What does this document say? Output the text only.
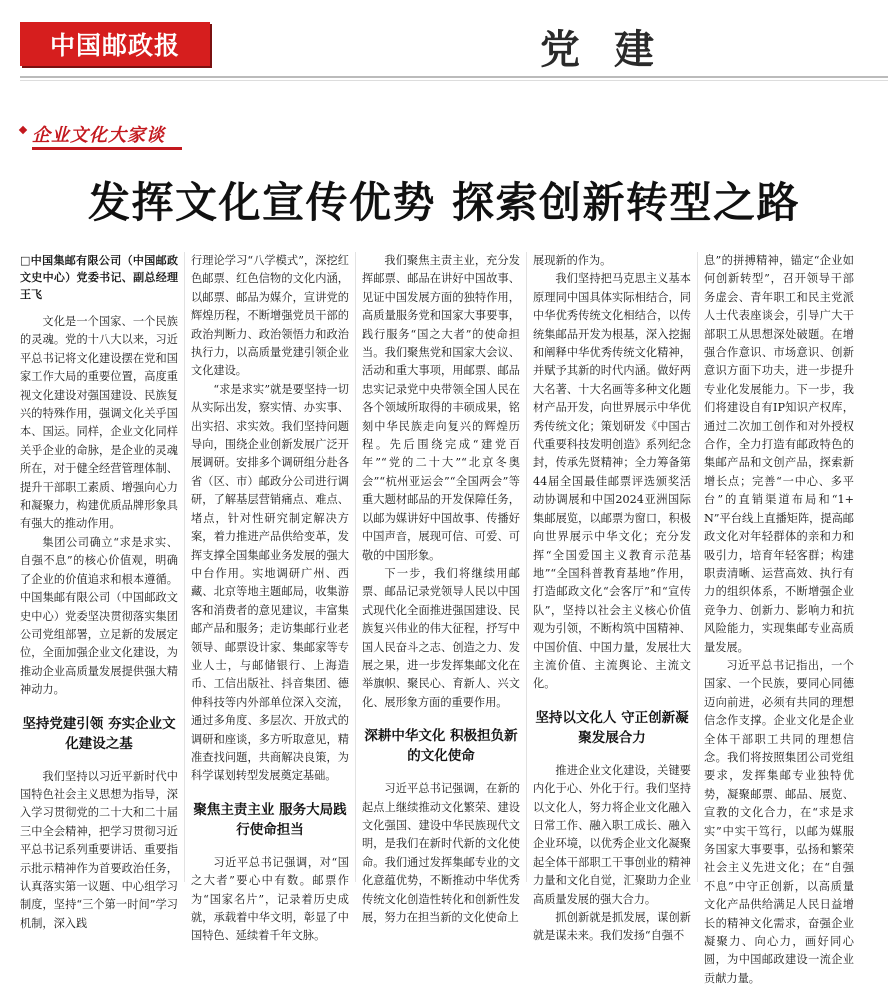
中国邮政报	党建
企业文化大家谈
发挥文化宣传优势 探索创新转型之路
□中国集邮有限公司（中国邮政文史中心）党委书记、副总经理 王飞
文化是一个国家、一个民族的灵魂。党的十八大以来，习近平总书记将文化建设摆在党和国家工作大局的重要位置，高度重视文化建设对强国建设、民族复兴的特殊作用，强调文化关乎国本、国运。同样，企业文化同样关乎企业的命脉，是企业的灵魂所在，对于健全经营管理体制、提升干部职工素质、增强向心力和凝聚力，构建优质品牌形象具有强大的推动作用。
集团公司确立“求是求实、自强不息”的核心价值观，明确了企业的价值追求和根本遵循。中国集邮有限公司（中国邮政文史中心）党委坚决贯彻落实集团公司党组部署，立足新的发展定位，全面加强企业文化建设，为推动企业高质量发展提供强大精神动力。
坚持党建引领 夯实企业文化建设之基
我们坚持以习近平新时代中国特色社会主义思想为指导，深入学习贯彻党的二十大和二十届三中全会精神，把学习贯彻习近平总书记系列重要讲话、重要指示批示精神作为首要政治任务，认真落实第一议题、中心组学习制度，坚持“三个第一时间”学习机制，深入践
行理论学习“八学模式”，深挖红色邮票、红色信物的文化内涵，以邮票、邮品为媒介，宣讲党的辉煌历程，不断增强党员干部的政治判断力、政治领悟力和政治执行力，以高质量党建引领企业文化建设。
“求是求实”就是要坚持一切从实际出发，察实情、办实事、出实招、求实效。我们坚持问题导向，围绕企业创新发展广泛开展调研。安排多个调研组分赴各省（区、市）邮政分公司进行调研，了解基层营销痛点、难点、堵点，针对性研究制定解决方案，着力推进产品供给变革，发挥支撑全国集邮业务发展的强大中台作用。实地调研广州、西藏、北京等地主题邮局，收集游客和消费者的意见建议，丰富集邮产品和服务；走访集邮行业老领导、邮票设计家、集邮家等专业人士，与邮储银行、上海造币、工信出版社、抖音集团、德伸科技等内外部单位深入交流，通过多角度、多层次、开放式的调研和座谈，多方听取意见，精准查找问题，共商解决良策，为科学谋划转型发展奠定基础。
聚焦主责主业 服务大局践行使命担当
习近平总书记强调，对“国之大者”要心中有数。邮票作为“国家名片”，记录着历史成就，承载着中华文明，彰显了中国特色、延续着千年文脉。
我们聚焦主责主业，充分发挥邮票、邮品在讲好中国故事、见证中国发展方面的独特作用，高质量服务党和国家大事要事，践行服务“国之大者”的使命担当。我们聚焦党和国家大会议、活动和重大事项，用邮票、邮品忠实记录党中央带领全国人民在各个领域所取得的丰硕成果，铭刻中华民族走向复兴的辉煌历程。先后围绕完成“建党百年”“党的二十大”“北京冬奥会”“杭州亚运会”“全国两会”等重大题材邮品的开发保障任务，以邮为媒讲好中国故事、传播好中国声音，展现可信、可爱、可敬的中国形象。
下一步，我们将继续用邮票、邮品记录党领导人民以中国式现代化全面推进强国建设、民族复兴伟业的伟大征程，抒写中国人民奋斗之志、创造之力、发展之果，进一步发挥集邮文化在举旗帜、聚民心、育新人、兴文化、展形象方面的重要作用。
深耕中华文化 积极担负新的文化使命
习近平总书记强调，在新的起点上继续推动文化繁荣、建设文化强国、建设中华民族现代文明，是我们在新时代新的文化使命。我们通过发挥集邮专业的文化意蕴优势，不断推动中华优秀传统文化创造性转化和创新性发展，努力在担当新的文化使命上
展现新的作为。
我们坚持把马克思主义基本原理同中国具体实际相结合，同中华优秀传统文化相结合，以传统集邮品开发为根基，深入挖掘和阐释中华优秀传统文化精神，并赋予其新的时代内涵。做好两大名著、十大名画等多种文化题材产品开发，向世界展示中华优秀传统文化；策划研发《中国古代重要科技发明创造》系列纪念封，传承先贤精神；全力筹备第44届全国最佳邮票评选颁奖活动协调展和中国2024亚洲国际集邮展览，以邮票为窗口，积极向世界展示中华文化；充分发挥“全国爱国主义教育示范基地”“全国科普教育基地”作用，打造邮政文化“会客厅”和“宣传队”，坚持以社会主义核心价值观为引领，不断构筑中国精神、中国价值、中国力量，发展壮大主流价值、主流舆论、主流文化。
坚持以文化人 守正创新凝聚发展合力
推进企业文化建设，关键要内化于心、外化于行。我们坚持以文化人，努力将企业文化融入日常工作、融入职工成长、融入企业环境，以优秀企业文化凝聚起全体干部职工干事创业的精神力量和文化自觉，汇聚助力企业高质量发展的强大合力。
抓创新就是抓发展，谋创新就是谋未来。我们发扬“自强不
息”的拼搏精神，锚定“企业如何创新转型”，召开领导干部务虚会、青年职工和民主党派人士代表座谈会，引导广大干部职工从思想深处破题。在增强合作意识、市场意识、创新意识方面下功夫，进一步提升专业化发展能力。下一步，我们将建设自有IP知识产权库，通过二次加工创作和对外授权合作，全力打造有邮政特色的集邮产品和文创产品，探索新增长点；完善“一中心、多平台”的直销渠道布局和“1+N”平台线上直播矩阵，提高邮政文化对年轻群体的亲和力和吸引力，培育年轻客群；构建职责清晰、运营高效、执行有力的组织体系，不断增强企业竞争力、创新力、影响力和抗风险能力，实现集邮专业高质量发展。
习近平总书记指出，一个国家、一个民族，要同心同德迈向前进，必须有共同的理想信念作支撑。企业文化是企业全体干部职工共同的理想信念。我们将按照集团公司党组要求，发挥集邮专业独特优势，凝聚邮票、邮品、展览、宣教的文化合力，在“求是求实”中实干笃行，以邮为媒服务国家大事要事，弘扬和繁荣社会主义先进文化；在“自强不息”中守正创新，以高质量文化产品供给满足人民日益增长的精神文化需求，奋强企业凝聚力、向心力，画好同心圆，为中国邮政建设一流企业贡献力量。
